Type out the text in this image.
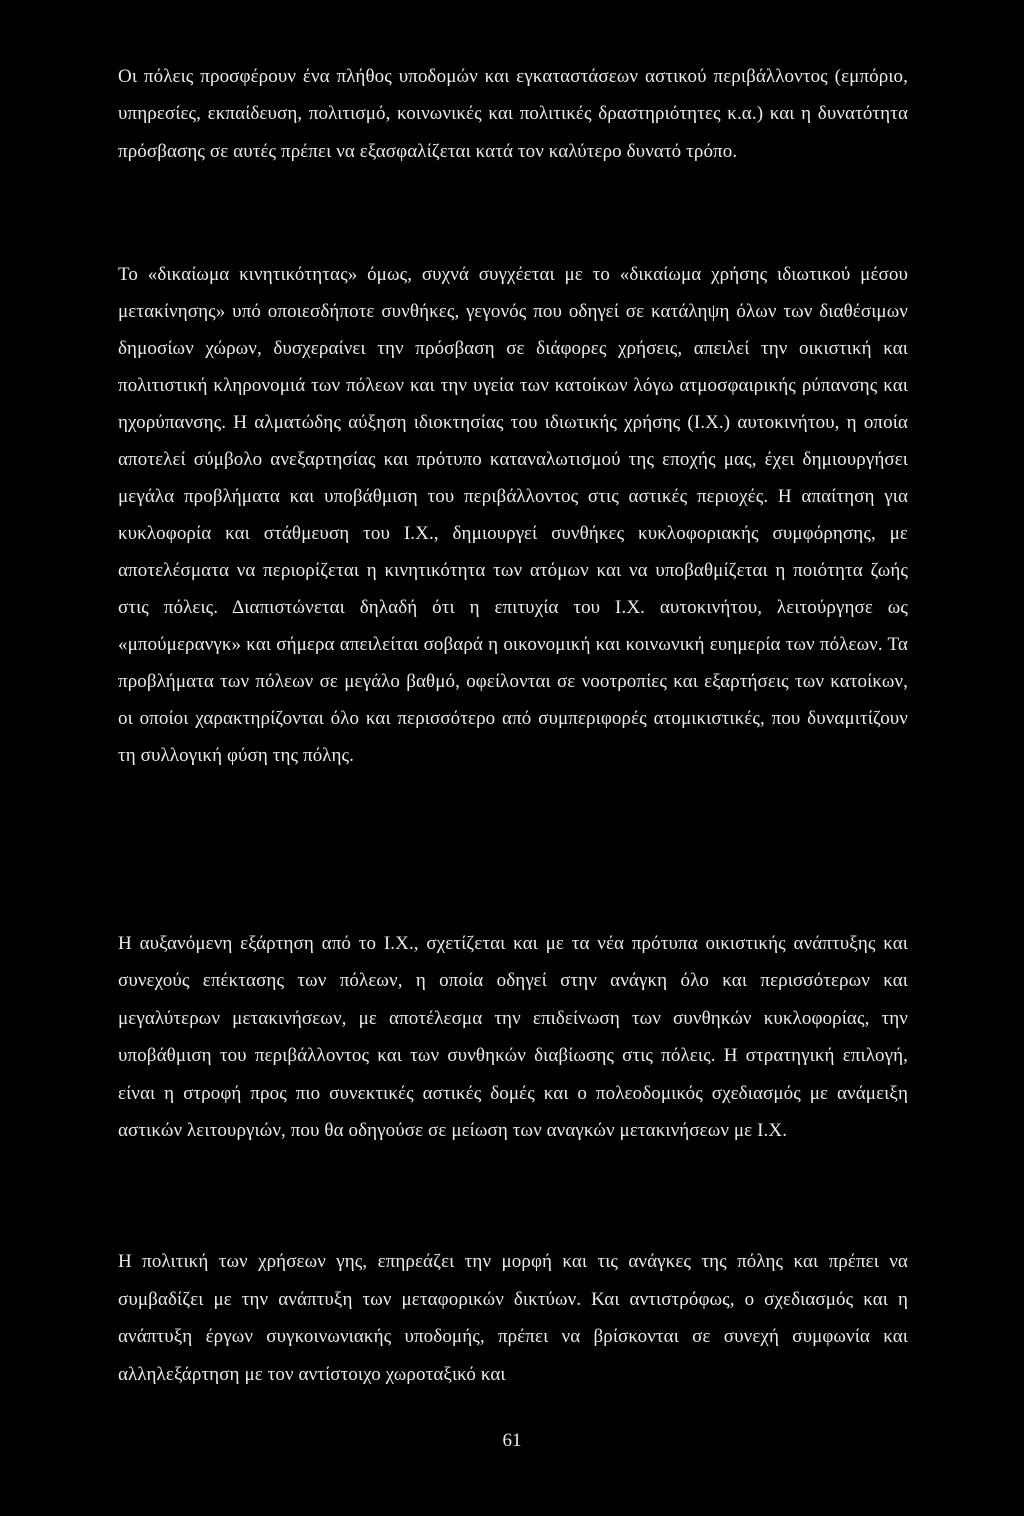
Οι πόλεις προσφέρουν ένα πλήθος υποδομών και εγκαταστάσεων αστικού περιβάλλοντος (εμπόριο, υπηρεσίες, εκπαίδευση, πολιτισμό, κοινωνικές και πολιτικές δραστηριότητες κ.α.) και η δυνατότητα πρόσβασης σε αυτές πρέπει να εξασφαλίζεται κατά τον καλύτερο δυνατό τρόπο.

Το «δικαίωμα κινητικότητας» όμως, συχνά συγχέεται με το «δικαίωμα χρήσης ιδιωτικού μέσου μετακίνησης» υπό οποιεσδήποτε συνθήκες, γεγονός που οδηγεί σε κατάληψη όλων των διαθέσιμων δημοσίων χώρων, δυσχεραίνει την πρόσβαση σε διάφορες χρήσεις, απειλεί την οικιστική και πολιτιστική κληρονομιά των πόλεων και την υγεία των κατοίκων λόγω ατμοσφαιρικής ρύπανσης και ηχορύπανσης. Η αλματώδης αύξηση ιδιοκτησίας του ιδιωτικής χρήσης (Ι.Χ.) αυτοκινήτου, η οποία αποτελεί σύμβολο ανεξαρτησίας και πρότυπο καταναλωτισμού της εποχής μας, έχει δημιουργήσει μεγάλα προβλήματα και υποβάθμιση του περιβάλλοντος στις αστικές περιοχές. Η απαίτηση για κυκλοφορία και στάθμευση του Ι.Χ., δημιουργεί συνθήκες κυκλοφοριακής συμφόρησης, με αποτελέσματα να περιορίζεται η κινητικότητα των ατόμων και να υποβαθμίζεται η ποιότητα ζωής στις πόλεις. Διαπιστώνεται δηλαδή ότι η επιτυχία του Ι.Χ. αυτοκινήτου, λειτούργησε ως «μπούμερανγκ» και σήμερα απειλείται σοβαρά η οικονομική και κοινωνική ευημερία των πόλεων. Τα προβλήματα των πόλεων σε μεγάλο βαθμό, οφείλονται σε νοοτροπίες και εξαρτήσεις των κατοίκων, οι οποίοι χαρακτηρίζονται όλο και περισσότερο από συμπεριφορές ατομικιστικές, που δυναμιτίζουν τη συλλογική φύση της πόλης.

Η αυξανόμενη εξάρτηση από το Ι.Χ., σχετίζεται και με τα νέα πρότυπα οικιστικής ανάπτυξης και συνεχούς επέκτασης των πόλεων, η οποία οδηγεί στην ανάγκη όλο και περισσότερων και μεγαλύτερων μετακινήσεων, με αποτέλεσμα την επιδείνωση των συνθηκών κυκλοφορίας, την υποβάθμιση του περιβάλλοντος και των συνθηκών διαβίωσης στις πόλεις. Η στρατηγική επιλογή, είναι η στροφή προς πιο συνεκτικές αστικές δομές και ο πολεοδομικός σχεδιασμός με ανάμειξη αστικών λειτουργιών, που θα οδηγούσε σε μείωση των αναγκών μετακινήσεων με Ι.Χ.

Η πολιτική των χρήσεων γης, επηρεάζει την μορφή και τις ανάγκες της πόλης και πρέπει να συμβαδίζει με την ανάπτυξη των μεταφορικών δικτύων. Και αντιστρόφως, ο σχεδιασμός και η ανάπτυξη έργων συγκοινωνιακής υποδομής, πρέπει να βρίσκονται σε συνεχή συμφωνία και αλληλεξάρτηση με τον αντίστοιχο χωροταξικό και

61
